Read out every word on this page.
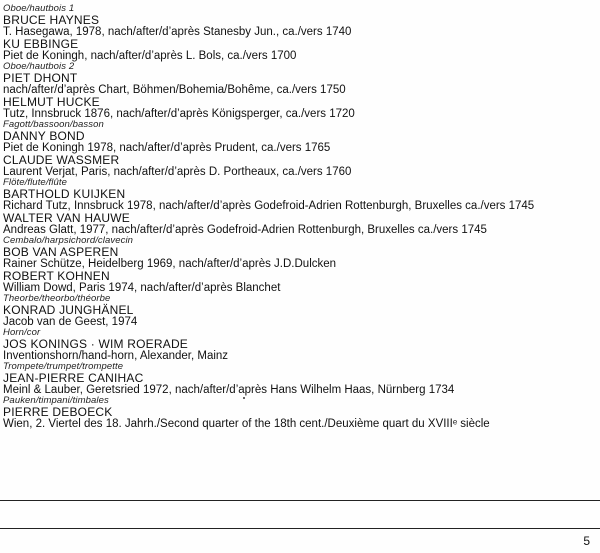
Oboe/hautbois 1
BRUCE HAYNES
T. Hasegawa, 1978, nach/after/d’après Stanesby Jun., ca./vers 1740
KU EBBINGE
Piet de Koningh, nach/after/d’après L. Bols, ca./vers 1700
Oboe/hautbois 2
PIET DHONT
nach/after/d’après Chart, Böhmen/Bohemia/Bohême, ca./vers 1750
HELMUT HUCKE
Tutz, Innsbruck 1876, nach/after/d’après Königsperger, ca./vers 1720
Fagott/bassoon/basson
DANNY BOND
Piet de Koningh 1978, nach/after/d’après Prudent, ca./vers 1765
CLAUDE WASSMER
Laurent Verjat, Paris, nach/after/d’après D. Portheaux, ca./vers 1760
Flöte/flute/flûte
BARTHOLD KUIJKEN
Richard Tutz, Innsbruck 1978, nach/after/d’après Godefroid-Adrien Rottenburgh, Bruxelles ca./vers 1745
WALTER VAN HAUWE
Andreas Glatt, 1977, nach/after/d’après Godefroid-Adrien Rottenburgh, Bruxelles ca./vers 1745
Cembalo/harpsichord/clavecin
BOB VAN ASPEREN
Rainer Schütze, Heidelberg 1969, nach/after/d’après J.D.Dulcken
ROBERT KOHNEN
William Dowd, Paris 1974, nach/after/d’après Blanchet
Theorbe/theorbo/théorbe
KONRAD JUNGHÄNEL
Jacob van de Geest, 1974
Horn/cor
JOS KONINGS · WIM ROERADE
Inventionshorn/hand-horn, Alexander, Mainz
Trompete/trumpet/trompette
JEAN-PIERRE CANIHAC
Meinl & Lauber, Geretsried 1972, nach/after/d’après Hans Wilhelm Haas, Nürnberg 1734
Pauken/timpani/timbales
PIERRE DEBOECK
Wien, 2. Viertel des 18. Jahrh./Second quarter of the 18th cent./Deuxième quart du XVIIIᵉ siècle
5
